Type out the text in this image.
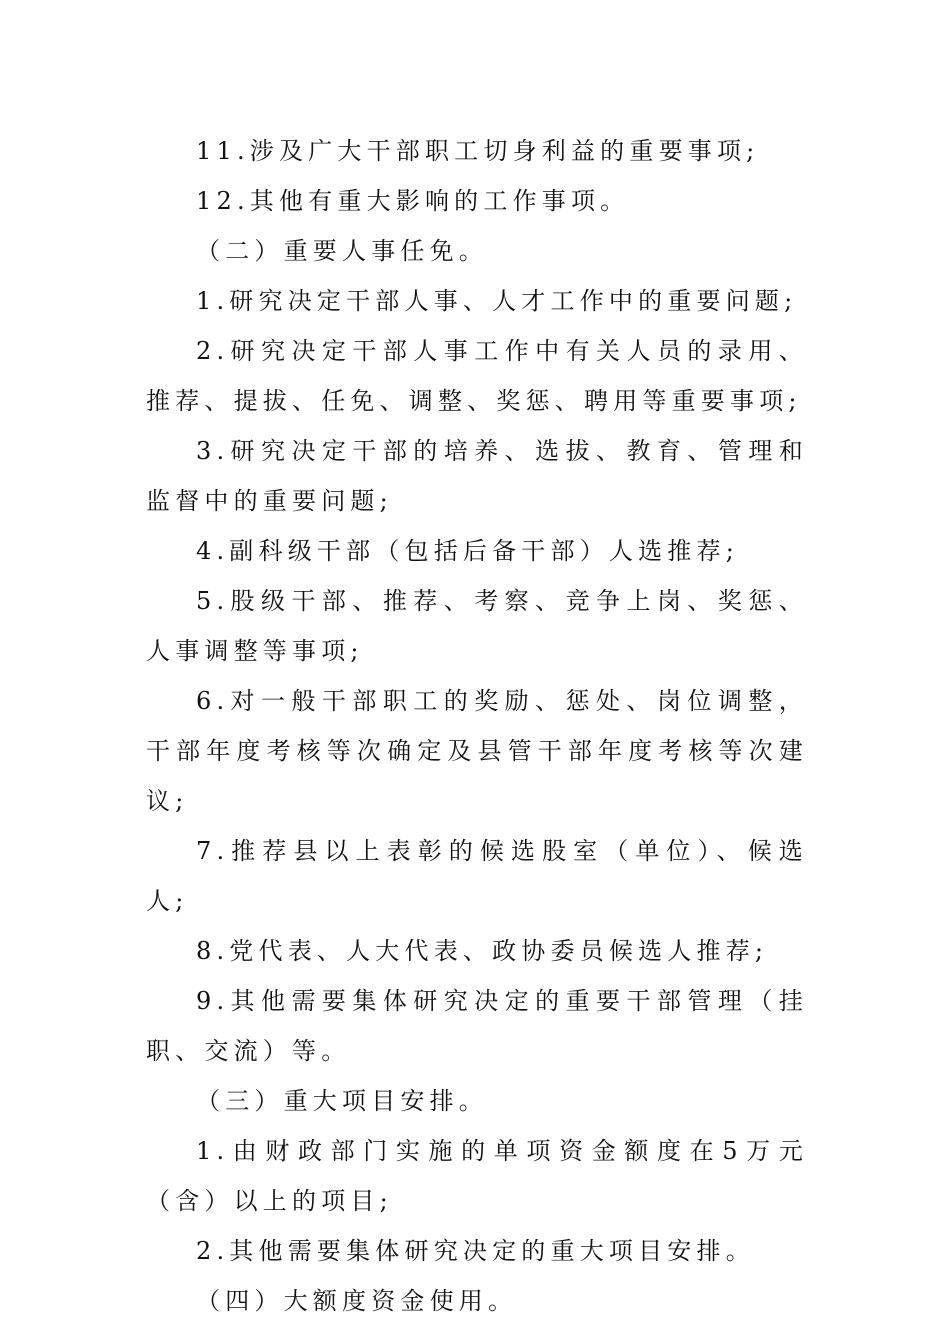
11.涉及广大干部职工切身利益的重要事项;

12.其他有重大影响的工作事项。

（二）重要人事任免。

1.研究决定干部人事、人才工作中的重要问题;

2.研究决定干部人事工作中有关人员的录用、推荐、提拔、任免、调整、奖惩、聘用等重要事项;

3.研究决定干部的培养、选拔、教育、管理和监督中的重要问题;

4.副科级干部（包括后备干部）人选推荐;

5.股级干部、推荐、考察、竞争上岗、奖惩、人事调整等事项;

6.对一般干部职工的奖励、惩处、岗位调整，干部年度考核等次确定及县管干部年度考核等次建议;

7.推荐县以上表彰的候选股室（单位）、候选人;

8.党代表、人大代表、政协委员候选人推荐;

9.其他需要集体研究决定的重要干部管理（挂职、交流）等。

（三）重大项目安排。

1.由财政部门实施的单项资金额度在5万元（含）以上的项目;

2.其他需要集体研究决定的重大项目安排。

（四）大额度资金使用。
